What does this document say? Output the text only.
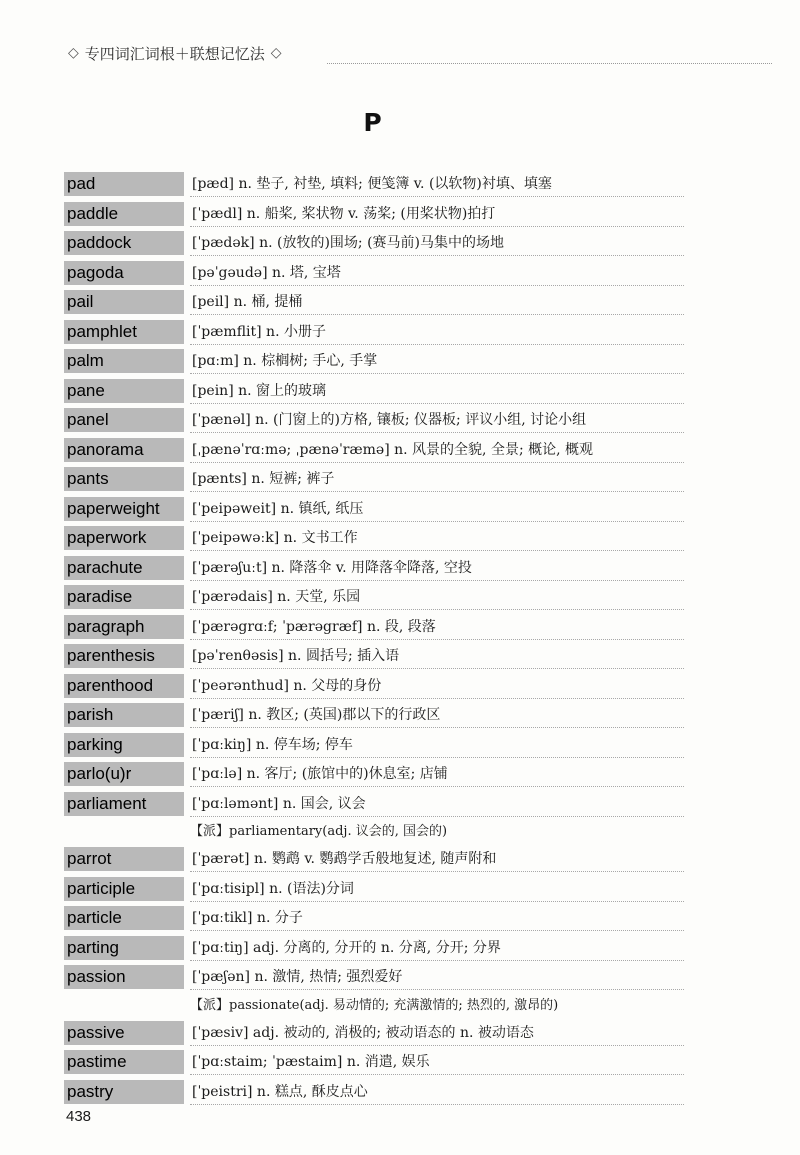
◇ 专四词汇词根＋联想记忆法 ◇
P
pad	[pæd] n. 垫子, 衬垫, 填料; 便笺簿 v. (以软物)衬填、填塞
paddle	[ˈpædl] n. 船桨, 桨状物 v. 荡桨; (用桨状物)拍打
paddock	[ˈpædək] n. (放牧的)围场; (赛马前)马集中的场地
pagoda	[pəˈgəudə] n. 塔, 宝塔
pail	[peil] n. 桶, 提桶
pamphlet	[ˈpæmflit] n. 小册子
palm	[pɑːm] n. 棕榈树; 手心, 手掌
pane	[pein] n. 窗上的玻璃
panel	[ˈpænəl] n. (门窗上的)方格, 镶板; 仪器板; 评议小组, 讨论小组
panorama	[ˌpænəˈrɑːmə; ˌpænəˈræmə] n. 风景的全貌, 全景; 概论, 概观
pants	[pænts] n. 短裤; 裤子
paperweight	[ˈpeipəweit] n. 镇纸, 纸压
paperwork	[ˈpeipəwəːk] n. 文书工作
parachute	[ˈpærəʃuːt] n. 降落伞 v. 用降落伞降落, 空投
paradise	[ˈpærədais] n. 天堂, 乐园
paragraph	[ˈpærəgrɑːf; ˈpærəgræf] n. 段, 段落
parenthesis	[pəˈrenθəsis] n. 圆括号; 插入语
parenthood	[ˈpeərənthud] n. 父母的身份
parish	[ˈpæriʃ] n. 教区; (英国)郡以下的行政区
parking	[ˈpɑːkiŋ] n. 停车场; 停车
parlo(u)r	[ˈpɑːlə] n. 客厅; (旅馆中的)休息室; 店铺
parliament	[ˈpɑːləmənt] n. 国会, 议会
【派】parliamentary(adj. 议会的, 国会的)
parrot	[ˈpærət] n. 鹦鹉 v. 鹦鹉学舌般地复述, 随声附和
participle	[ˈpɑːtisipl] n. (语法)分词
particle	[ˈpɑːtikl] n. 分子
parting	[ˈpɑːtiŋ] adj. 分离的, 分开的 n. 分离, 分开; 分界
passion	[ˈpæʃən] n. 激情, 热情; 强烈爱好
【派】passionate(adj. 易动情的; 充满激情的; 热烈的, 激昂的)
passive	[ˈpæsiv] adj. 被动的, 消极的; 被动语态的 n. 被动语态
pastime	[ˈpɑːstaim; ˈpæstaim] n. 消遣, 娱乐
pastry	[ˈpeistri] n. 糕点, 酥皮点心
438
